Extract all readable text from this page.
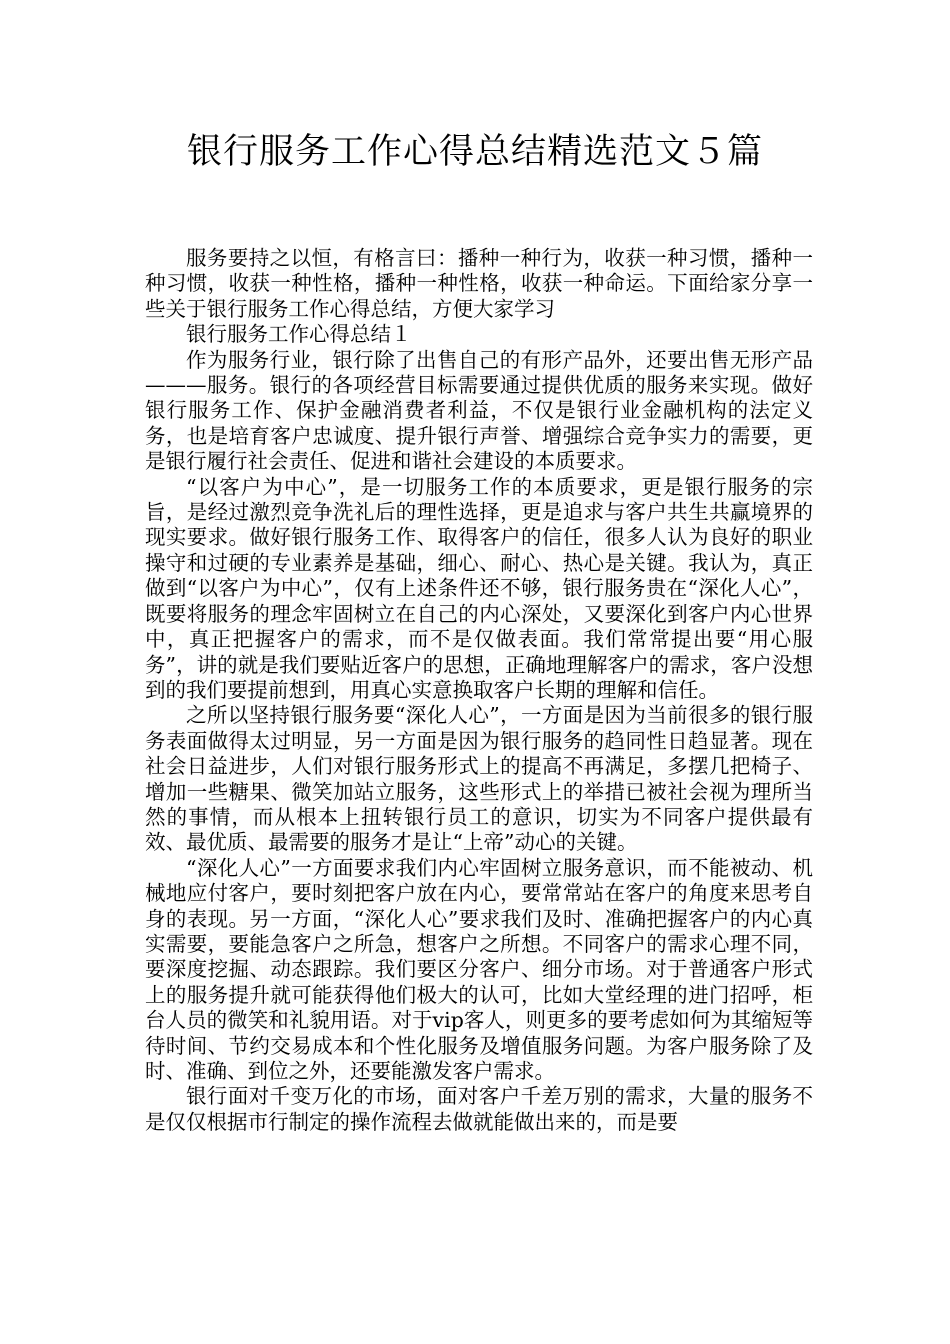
银行服务工作心得总结精选范文５篇

服务要持之以恒，有格言曰：播种一种行为，收获一种习惯，播种一种习惯，收获一种性格，播种一种性格，收获一种命运。下面给家分享一些关于银行服务工作心得总结，方便大家学习

银行服务工作心得总结１

作为服务行业，银行除了出售自己的有形产品外，还要出售无形产品———服务。银行的各项经营目标需要通过提供优质的服务来实现。做好银行服务工作、保护金融消费者利益，不仅是银行业金融机构的法定义务，也是培育客户忠诚度、提升银行声誉、增强综合竞争实力的需要，更是银行履行社会责任、促进和谐社会建设的本质要求。

“以客户为中心”，是一切服务工作的本质要求，更是银行服务的宗旨，是经过激烈竞争洗礼后的理性选择，更是追求与客户共生共赢境界的现实要求。做好银行服务工作、取得客户的信任，很多人认为良好的职业操守和过硬的专业素养是基础，细心、耐心、热心是关键。我认为，真正做到“以客户为中心”，仅有上述条件还不够，银行服务贵在“深化人心”，既要将服务的理念牢固树立在自己的内心深处，又要深化到客户内心世界中，真正把握客户的需求，而不是仅做表面。我们常常提出要“用心服务”，讲的就是我们要贴近客户的思想，正确地理解客户的需求，客户没想到的我们要提前想到，用真心实意换取客户长期的理解和信任。

之所以坚持银行服务要“深化人心”，一方面是因为当前很多的银行服务表面做得太过明显，另一方面是因为银行服务的趋同性日趋显著。现在社会日益进步，人们对银行服务形式上的提高不再满足，多摆几把椅子、增加一些糖果、微笑加站立服务，这些形式上的举措已被社会视为理所当然的事情，而从根本上扭转银行员工的意识，切实为不同客户提供最有效、最优质、最需要的服务才是让“上帝”动心的关键。

“深化人心”一方面要求我们内心牢固树立服务意识，而不能被动、机械地应付客户，要时刻把客户放在内心，要常常站在客户的角度来思考自身的表现。另一方面，“深化人心”要求我们及时、准确把握客户的内心真实需要，要能急客户之所急，想客户之所想。不同客户的需求心理不同，要深度挖掘、动态跟踪。我们要区分客户、细分市场。对于普通客户形式上的服务提升就可能获得他们极大的认可，比如大堂经理的进门招呼，柜台人员的微笑和礼貌用语。对于vip客人，则更多的要考虑如何为其缩短等待时间、节约交易成本和个性化服务及增值服务问题。为客户服务除了及时、准确、到位之外，还要能激发客户需求。

银行面对千变万化的市场，面对客户千差万别的需求，大量的服务不是仅仅根据市行制定的操作流程去做就能做出来的，而是要
